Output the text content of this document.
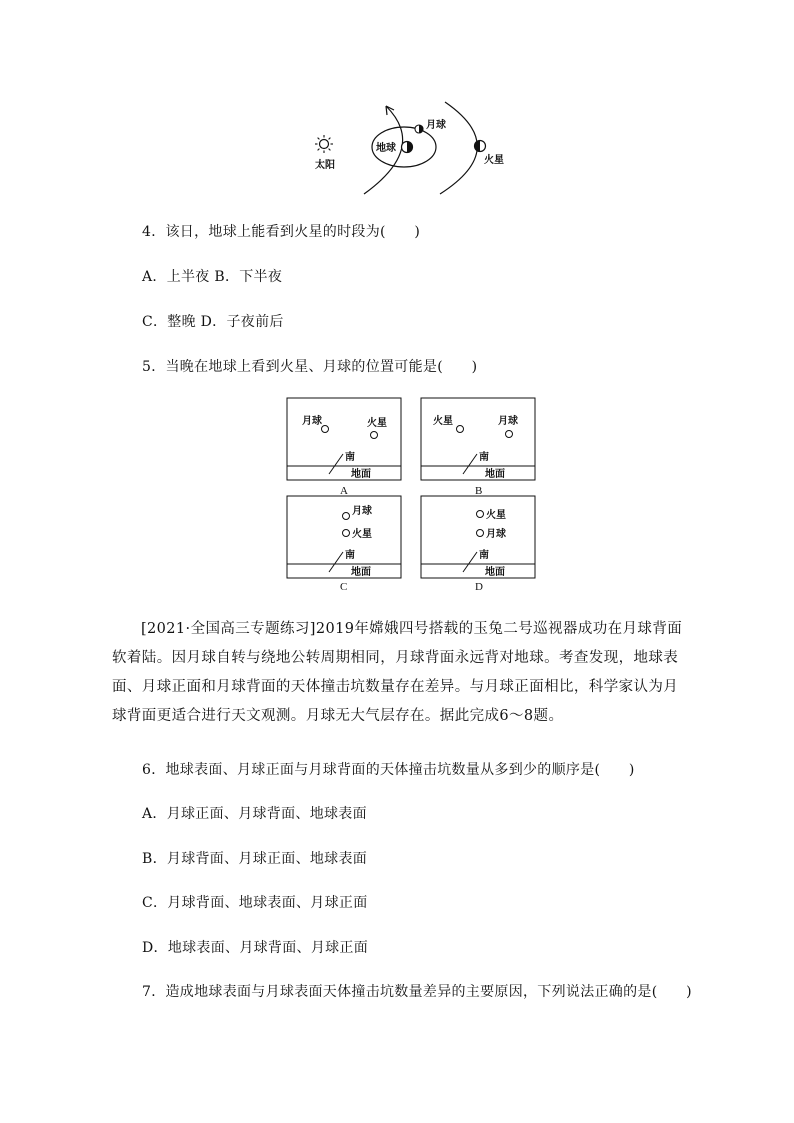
太阳
地球
月球
火星
4．该日，地球上能看到火星的时段为(　　)
A．上半夜 B．下半夜
C．整晚 D．子夜前后
5．当晚在地球上看到火星、月球的位置可能是(　　)
月球	火星
南
地面
A
火星	月球
南
地面
B
月球
火星
南
地面
C
火星
月球
南
地面
D
[2021·全国高三专题练习]2019年嫦娥四号搭载的玉兔二号巡视器成功在月球背面软着陆。因月球自转与绕地公转周期相同，月球背面永远背对地球。考查发现，地球表面、月球正面和月球背面的天体撞击坑数量存在差异。与月球正面相比，科学家认为月球背面更适合进行天文观测。月球无大气层存在。据此完成6～8题。
6．地球表面、月球正面与月球背面的天体撞击坑数量从多到少的顺序是(　　)
A．月球正面、月球背面、地球表面
B．月球背面、月球正面、地球表面
C．月球背面、地球表面、月球正面
D．地球表面、月球背面、月球正面
7．造成地球表面与月球表面天体撞击坑数量差异的主要原因，下列说法正确的是(　　)
